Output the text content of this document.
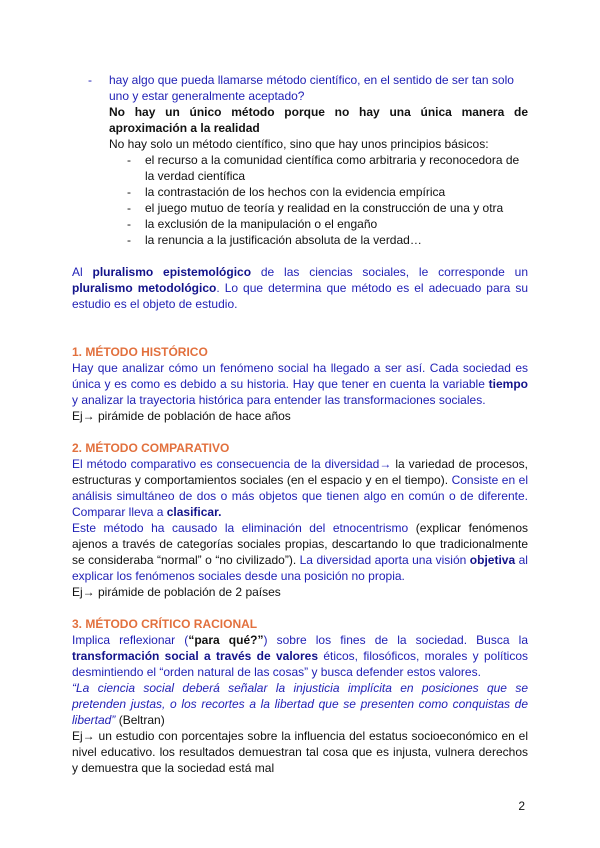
- hay algo que pueda llamarse método científico, en el sentido de ser tan solo uno y estar generalmente aceptado?
No hay un único método porque no hay una única manera de aproximación a la realidad
No hay solo un método científico, sino que hay unos principios básicos:
- el recurso a la comunidad científica como arbitraria y reconocedora de la verdad científica
- la contrastación de los hechos con la evidencia empírica
- el juego mutuo de teoría y realidad en la construcción de una y otra
- la exclusión de la manipulación o el engaño
- la renuncia a la justificación absoluta de la verdad…
Al pluralismo epistemológico de las ciencias sociales, le corresponde un pluralismo metodológico. Lo que determina que método es el adecuado para su estudio es el objeto de estudio.
1. MÉTODO HISTÓRICO
Hay que analizar cómo un fenómeno social ha llegado a ser así. Cada sociedad es única y es como es debido a su historia. Hay que tener en cuenta la variable tiempo y analizar la trayectoria histórica para entender las transformaciones sociales.
Ej→ pirámide de población de hace años
2. MÉTODO COMPARATIVO
El método comparativo es consecuencia de la diversidad→ la variedad de procesos, estructuras y comportamientos sociales (en el espacio y en el tiempo). Consiste en el análisis simultáneo de dos o más objetos que tienen algo en común o de diferente. Comparar lleva a clasificar.
Este método ha causado la eliminación del etnocentrismo (explicar fenómenos ajenos a través de categorías sociales propias, descartando lo que tradicionalmente se consideraba “normal” o “no civilizado”). La diversidad aporta una visión objetiva al explicar los fenómenos sociales desde una posición no propia.
Ej→ pirámide de población de 2 países
3. MÉTODO CRÍTICO RACIONAL
Implica reflexionar (“para qué?”) sobre los fines de la sociedad. Busca la transformación social a través de valores éticos, filosóficos, morales y políticos desmintiendo el “orden natural de las cosas” y busca defender estos valores.
“La ciencia social deberá señalar la injusticia implícita en posiciones que se pretenden justas, o los recortes a la libertad que se presenten como conquistas de libertad” (Beltran)
Ej→ un estudio con porcentajes sobre la influencia del estatus socioeconómico en el nivel educativo. los resultados demuestran tal cosa que es injusta, vulnera derechos y demuestra que la sociedad está mal
2
